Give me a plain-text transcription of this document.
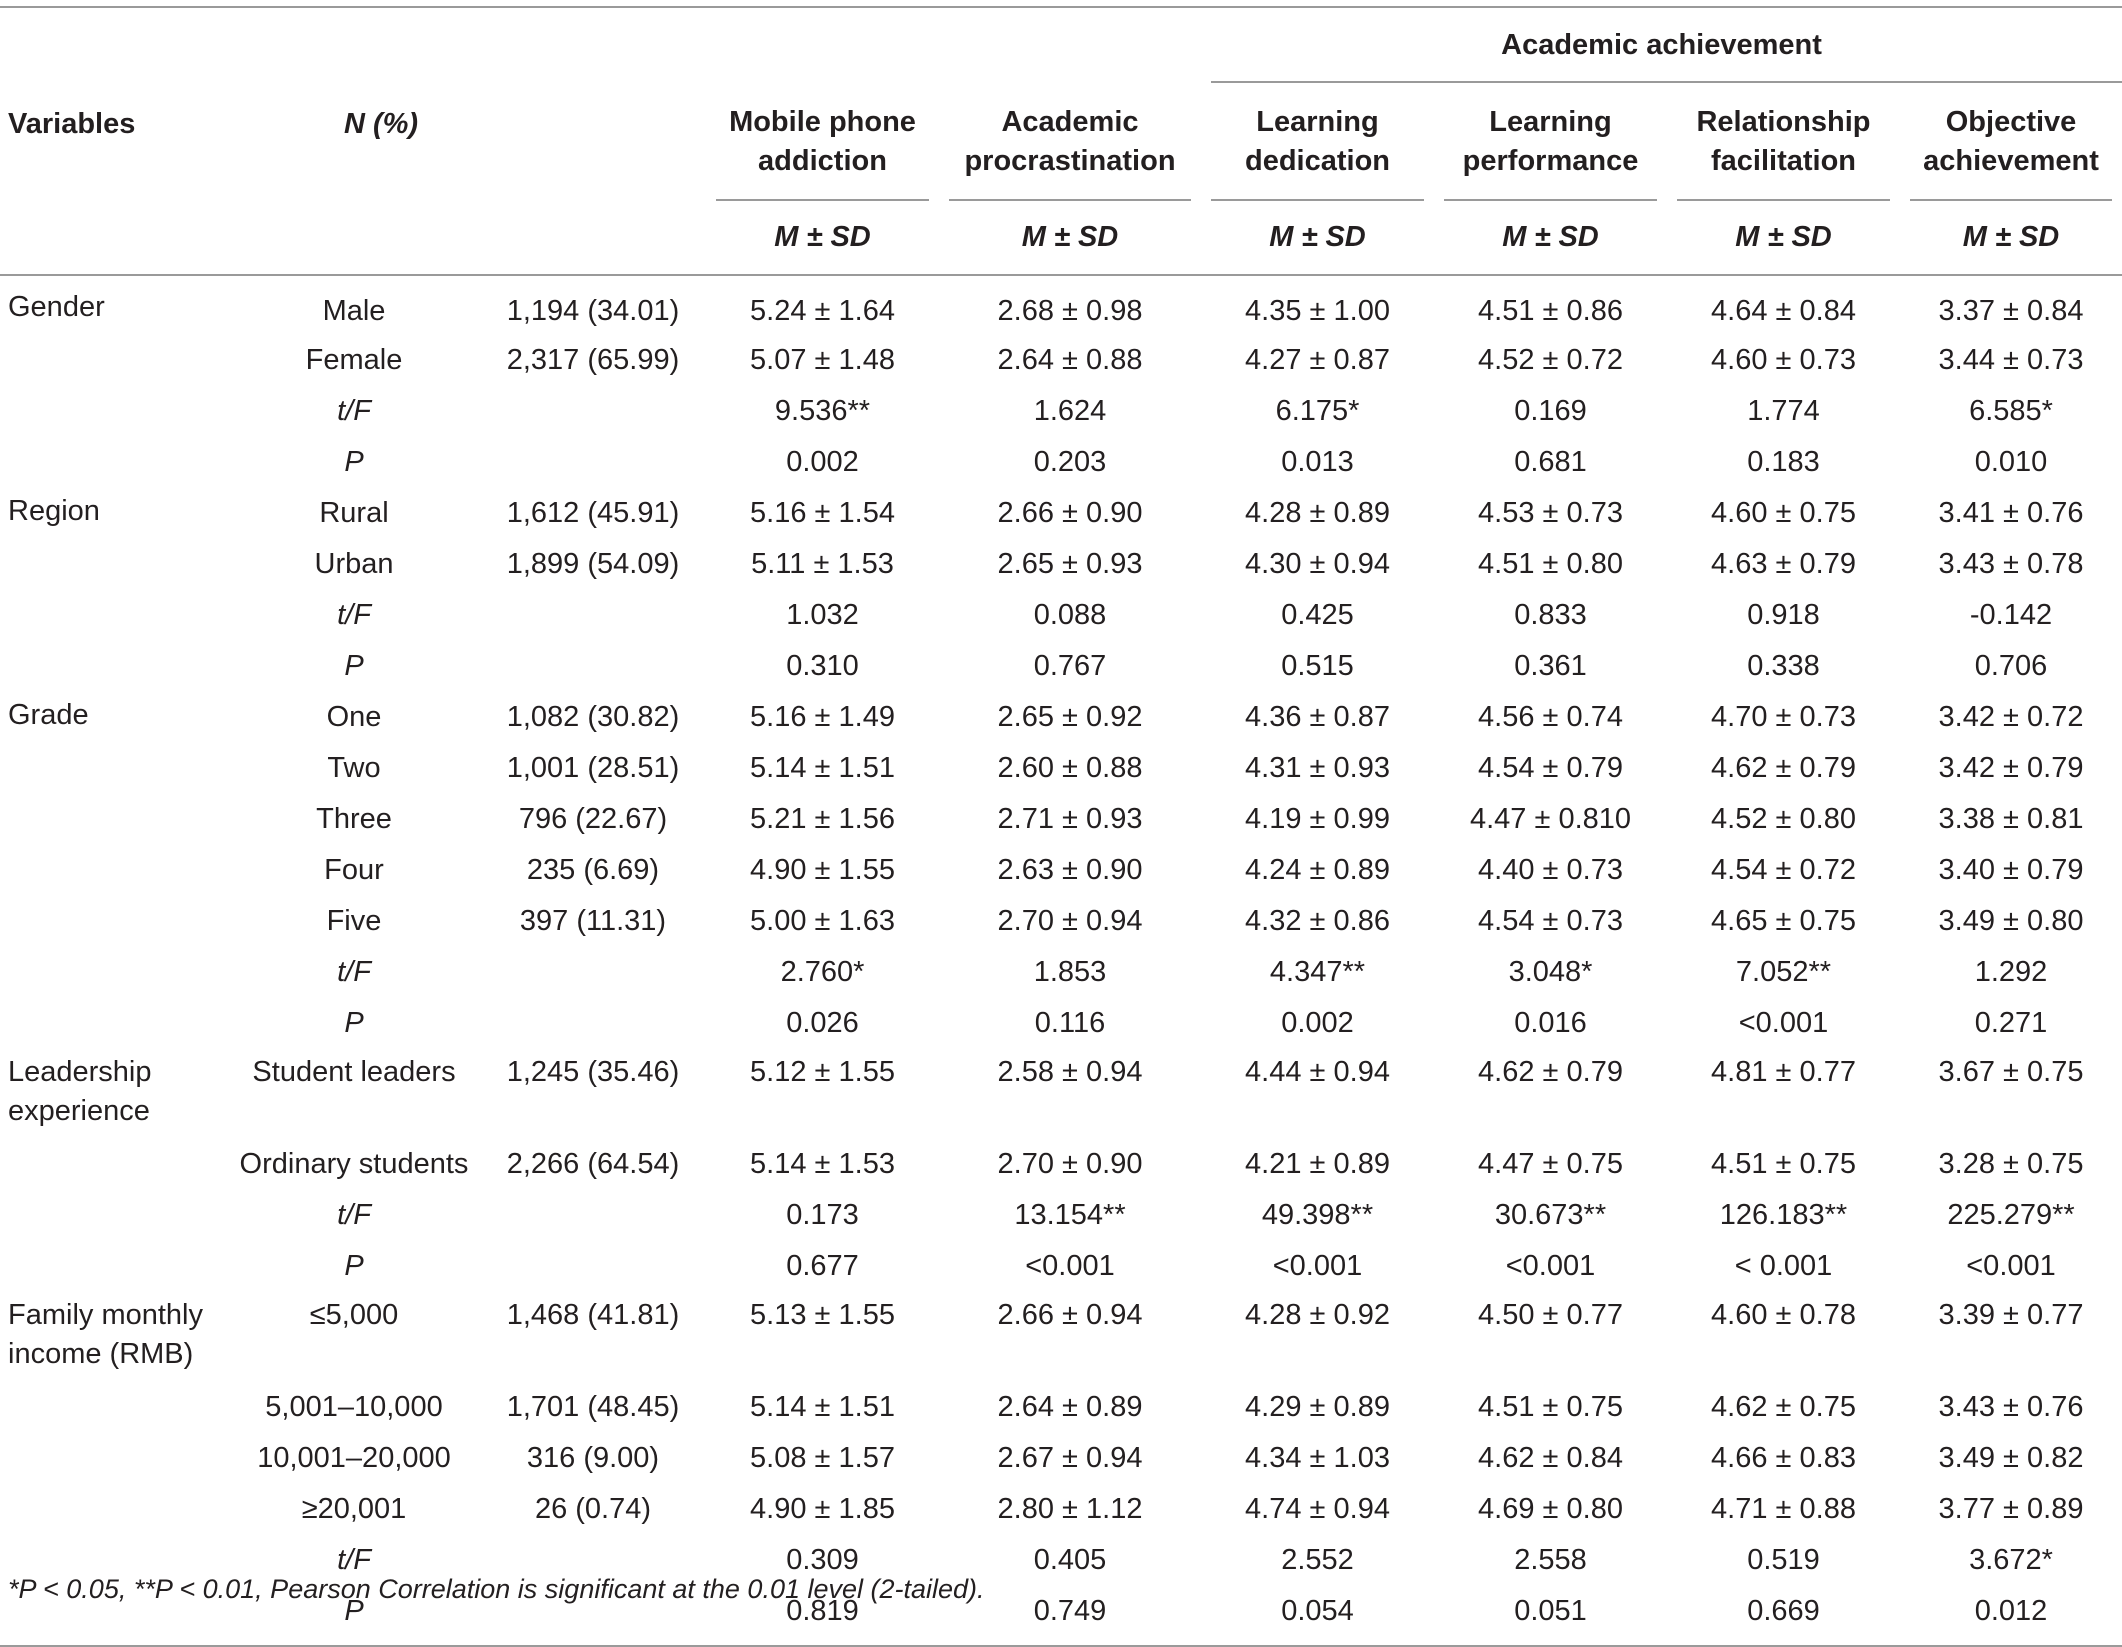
					Academic achievement			
Variables	N (%)		Mobile phone addiction	Academic procrastination	Learning dedication	Learning performance	Relationship facilitation	Objective achievement
			M ± SD	M ± SD	M ± SD	M ± SD	M ± SD	M ± SD
Gender	Male	1,194 (34.01)	5.24 ± 1.64	2.68 ± 0.98	4.35 ± 1.00	4.51 ± 0.86	4.64 ± 0.84	3.37 ± 0.84
	Female	2,317 (65.99)	5.07 ± 1.48	2.64 ± 0.88	4.27 ± 0.87	4.52 ± 0.72	4.60 ± 0.73	3.44 ± 0.73
	t/F		9.536**	1.624	6.175*	0.169	1.774	6.585*
	P		0.002	0.203	0.013	0.681	0.183	0.010
Region	Rural	1,612 (45.91)	5.16 ± 1.54	2.66 ± 0.90	4.28 ± 0.89	4.53 ± 0.73	4.60 ± 0.75	3.41 ± 0.76
	Urban	1,899 (54.09)	5.11 ± 1.53	2.65 ± 0.93	4.30 ± 0.94	4.51 ± 0.80	4.63 ± 0.79	3.43 ± 0.78
	t/F		1.032	0.088	0.425	0.833	0.918	-0.142
	P		0.310	0.767	0.515	0.361	0.338	0.706
Grade	One	1,082 (30.82)	5.16 ± 1.49	2.65 ± 0.92	4.36 ± 0.87	4.56 ± 0.74	4.70 ± 0.73	3.42 ± 0.72
	Two	1,001 (28.51)	5.14 ± 1.51	2.60 ± 0.88	4.31 ± 0.93	4.54 ± 0.79	4.62 ± 0.79	3.42 ± 0.79
	Three	796 (22.67)	5.21 ± 1.56	2.71 ± 0.93	4.19 ± 0.99	4.47 ± 0.810	4.52 ± 0.80	3.38 ± 0.81
	Four	235 (6.69)	4.90 ± 1.55	2.63 ± 0.90	4.24 ± 0.89	4.40 ± 0.73	4.54 ± 0.72	3.40 ± 0.79
	Five	397 (11.31)	5.00 ± 1.63	2.70 ± 0.94	4.32 ± 0.86	4.54 ± 0.73	4.65 ± 0.75	3.49 ± 0.80
	t/F		2.760*	1.853	4.347**	3.048*	7.052**	1.292
	P		0.026	0.116	0.002	0.016	<0.001	0.271
Leadership experience	Student leaders	1,245 (35.46)	5.12 ± 1.55	2.58 ± 0.94	4.44 ± 0.94	4.62 ± 0.79	4.81 ± 0.77	3.67 ± 0.75
	Ordinary students	2,266 (64.54)	5.14 ± 1.53	2.70 ± 0.90	4.21 ± 0.89	4.47 ± 0.75	4.51 ± 0.75	3.28 ± 0.75
	t/F		0.173	13.154**	49.398**	30.673**	126.183**	225.279**
	P		0.677	<0.001	<0.001	<0.001	< 0.001	<0.001
Family monthly income (RMB)	≤5,000	1,468 (41.81)	5.13 ± 1.55	2.66 ± 0.94	4.28 ± 0.92	4.50 ± 0.77	4.60 ± 0.78	3.39 ± 0.77
	5,001–10,000	1,701 (48.45)	5.14 ± 1.51	2.64 ± 0.89	4.29 ± 0.89	4.51 ± 0.75	4.62 ± 0.75	3.43 ± 0.76
	10,001–20,000	316 (9.00)	5.08 ± 1.57	2.67 ± 0.94	4.34 ± 1.03	4.62 ± 0.84	4.66 ± 0.83	3.49 ± 0.82
	≥20,001	26 (0.74)	4.90 ± 1.85	2.80 ± 1.12	4.74 ± 0.94	4.69 ± 0.80	4.71 ± 0.88	3.77 ± 0.89
	t/F		0.309	0.405	2.552	2.558	0.519	3.672*
	P		0.819	0.749	0.054	0.051	0.669	0.012
*P < 0.05, **P < 0.01, Pearson Correlation is significant at the 0.01 level (2-tailed).
